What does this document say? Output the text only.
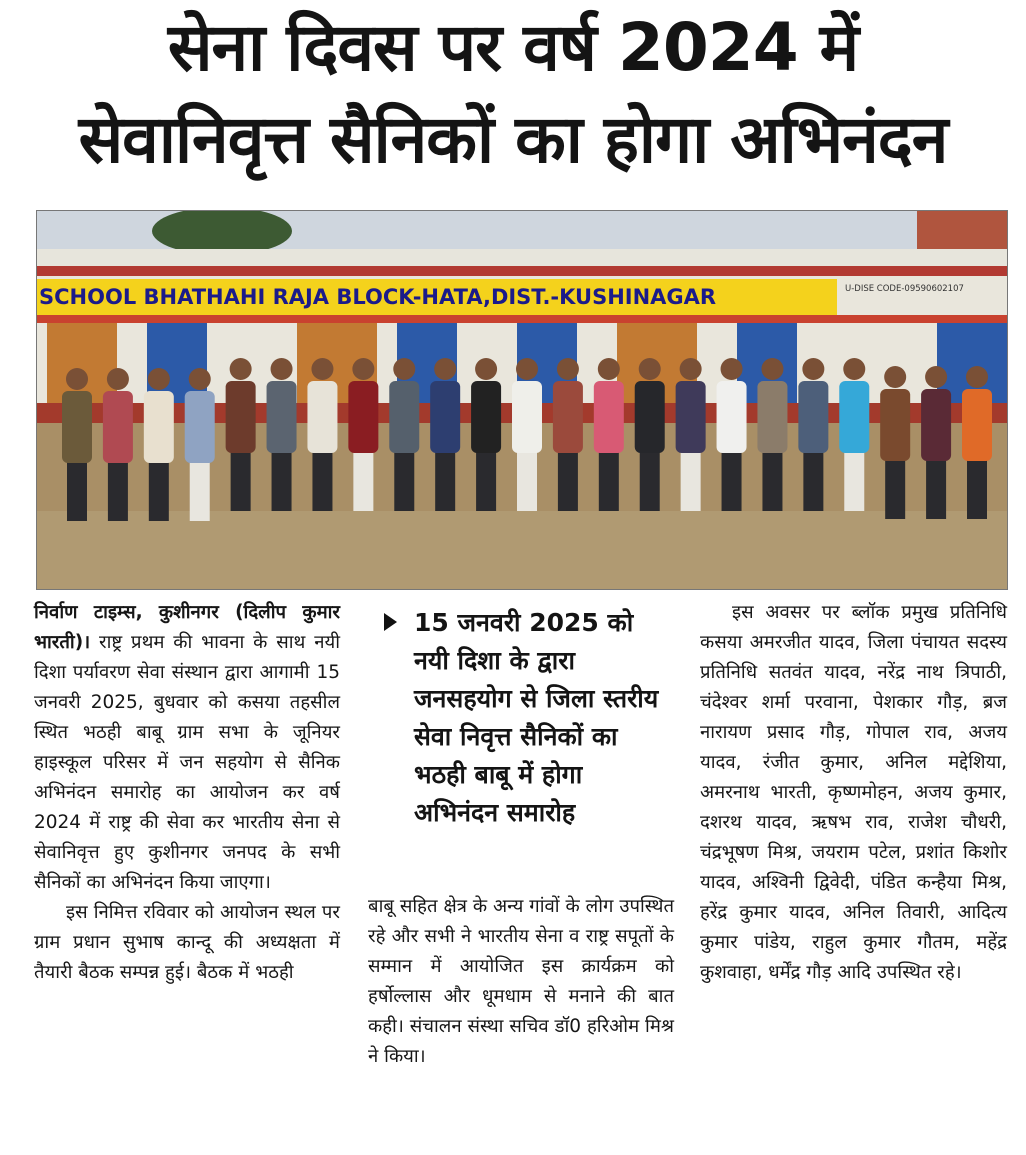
सेना दिवस पर वर्ष 2024 में
सेवानिवृत्त सैनिकों का होगा अभिनंदन
SCHOOL BHATHAHI RAJA BLOCK-HATA,DIST.-KUSHINAGAR	U-DISE CODE-09590602107

निर्वाण टाइम्स, कुशीनगर (दिलीप कुमार भारती)। राष्ट्र प्रथम की भावना के साथ नयी दिशा पर्यावरण सेवा संस्थान द्वारा आगामी 15 जनवरी 2025, बुधवार को कसया तहसील स्थित भठही बाबू ग्राम सभा के जूनियर हाइस्कूल परिसर में जन सहयोग से सैनिक अभिनंदन समारोह का आयोजन कर वर्ष 2024 में राष्ट्र की सेवा कर भारतीय सेना से सेवानिवृत्त हुए कुशीनगर जनपद के सभी सैनिकों का अभिनंदन किया जाएगा।

इस निमित्त रविवार को आयोजन स्थल पर ग्राम प्रधान सुभाष कान्दू की अध्यक्षता में तैयारी बैठक सम्पन्न हुई। बैठक में भठही

15 जनवरी 2025 को नयी दिशा के द्वारा जनसहयोग से जिला स्तरीय सेवा निवृत्त सैनिकों का भठही बाबू में होगा अभिनंदन समारोह

बाबू सहित क्षेत्र के अन्य गांवों के लोग उपस्थित रहे और सभी ने भारतीय सेना व राष्ट्र सपूतों के सम्मान में आयोजित इस क्रार्यक्रम को हर्षोल्लास और धूमधाम से मनाने की बात कही। संचालन संस्था सचिव डॉ0 हरिओम मिश्र ने किया।

इस अवसर पर ब्लॉक प्रमुख प्रतिनिधि कसया अमरजीत यादव, जिला पंचायत सदस्य प्रतिनिधि सतवंत यादव, नरेंद्र नाथ त्रिपाठी, चंदेश्वर शर्मा परवाना, पेशकार गौड़, ब्रज नारायण प्रसाद गौड़, गोपाल राव, अजय यादव, रंजीत कुमार, अनिल मद्देशिया, अमरनाथ भारती, कृष्णमोहन, अजय कुमार, दशरथ यादव, ऋषभ राव, राजेश चौधरी, चंद्रभूषण मिश्र, जयराम पटेल, प्रशांत किशोर यादव, अश्विनी द्विवेदी, पंडित कन्हैया मिश्र, हरेंद्र कुमार यादव, अनिल तिवारी, आदित्य कुमार पांडेय, राहुल कुमार गौतम, महेंद्र कुशवाहा, धर्मेंद्र गौड़ आदि उपस्थित रहे।
